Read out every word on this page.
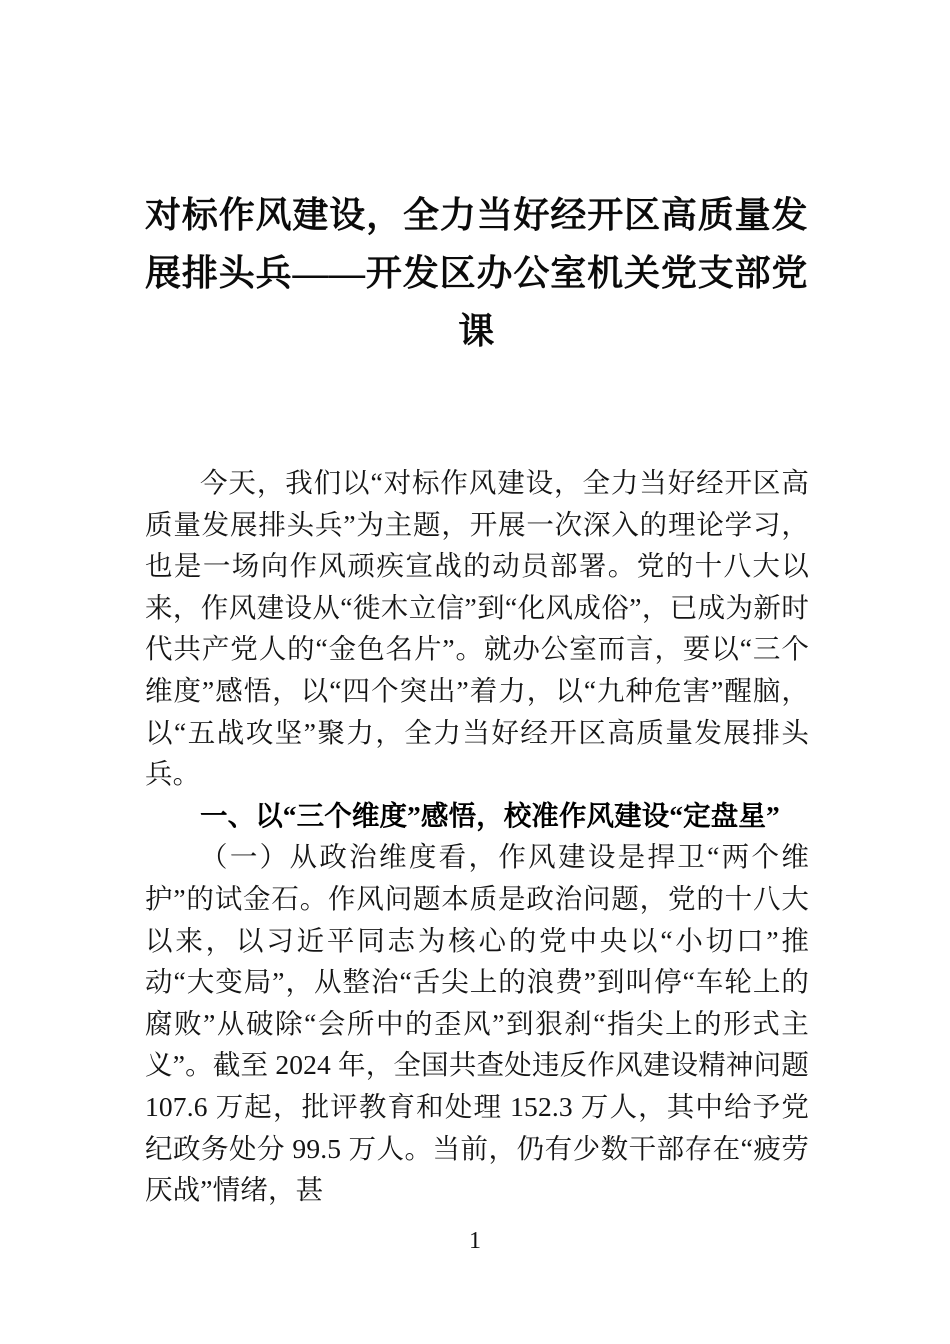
对标作风建设，全力当好经开区高质量发
展排头兵——开发区办公室机关党支部党
课

今天，我们以“对标作风建设，全力当好经开区高质量发展排头兵”为主题，开展一次深入的理论学习，也是一场向作风顽疾宣战的动员部署。党的十八大以来，作风建设从“徙木立信”到“化风成俗”，已成为新时代共产党人的“金色名片”。就办公室而言，要以“三个维度”感悟，以“四个突出”着力，以“九种危害”醒脑，以“五战攻坚”聚力，全力当好经开区高质量发展排头兵。

一、以“三个维度”感悟，校准作风建设“定盘星”

（一）从政治维度看，作风建设是捍卫“两个维护”的试金石。作风问题本质是政治问题，党的十八大以来，以习近平同志为核心的党中央以“小切口”推动“大变局”，从整治“舌尖上的浪费”到叫停“车轮上的腐败”从破除“会所中的歪风”到狠刹“指尖上的形式主义”。截至 2024 年，全国共查处违反作风建设精神问题 107.6 万起，批评教育和处理 152.3 万人，其中给予党纪政务处分 99.5 万人。当前，仍有少数干部存在“疲劳厌战”情绪，甚

1
